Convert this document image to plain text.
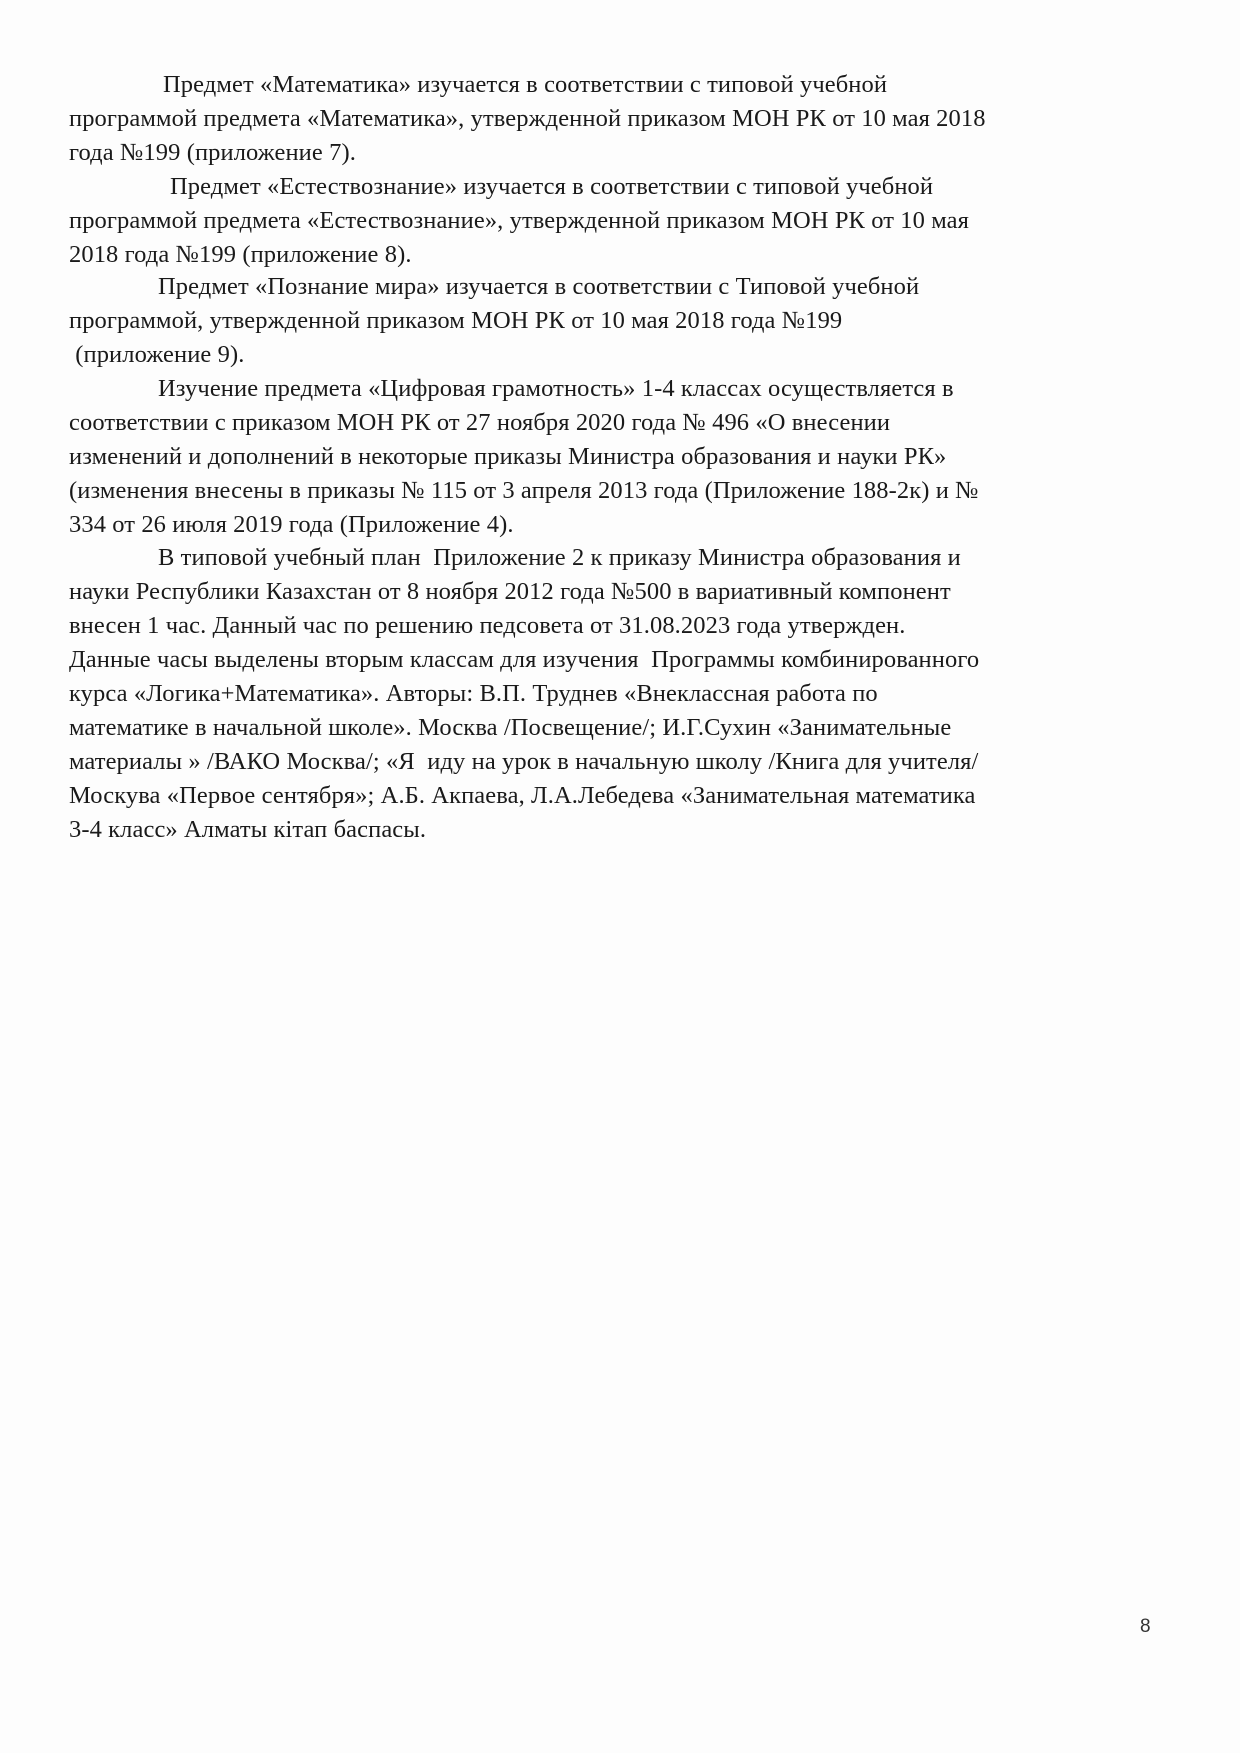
Предмет «Математика» изучается в соответствии с типовой учебной
программой предмета «Математика», утвержденной приказом МОН РК от 10 мая 2018
года №199 (приложение 7).
Предмет «Естествознание» изучается в соответствии с типовой учебной
программой предмета «Естествознание», утвержденной приказом МОН РК от 10 мая
2018 года №199 (приложение 8).
Предмет «Познание мира» изучается в соответствии с Типовой учебной
программой, утвержденной приказом МОН РК от 10 мая 2018 года №199
(приложение 9).
Изучение предмета «Цифровая грамотность» 1-4 классах осуществляется в
соответствии с приказом МОН РК от 27 ноября 2020 года № 496 «О внесении
изменений и дополнений в некоторые приказы Министра образования и науки РК»
(изменения внесены в приказы № 115 от 3 апреля 2013 года (Приложение 188-2к) и №
334 от 26 июля 2019 года (Приложение 4).
В типовой учебный план  Приложение 2 к приказу Министра образования и
науки Республики Казахстан от 8 ноября 2012 года №500 в вариативный компонент
внесен 1 час. Данный час по решению педсовета от 31.08.2023 года утвержден.
Данные часы выделены вторым классам для изучения  Программы комбинированного
курса «Логика+Математика». Авторы: В.П. Труднев «Внеклассная работа по
математике в начальной школе». Москва /Посвещение/; И.Г.Сухин «Занимательные
материалы » /ВАКО Москва/; «Я  иду на урок в начальную школу /Книга для учителя/
Москува «Первое сентября»; А.Б. Акпаева, Л.А.Лебедева «Занимательная математика
3-4 класс» Алматы кітап баспасы.
8
